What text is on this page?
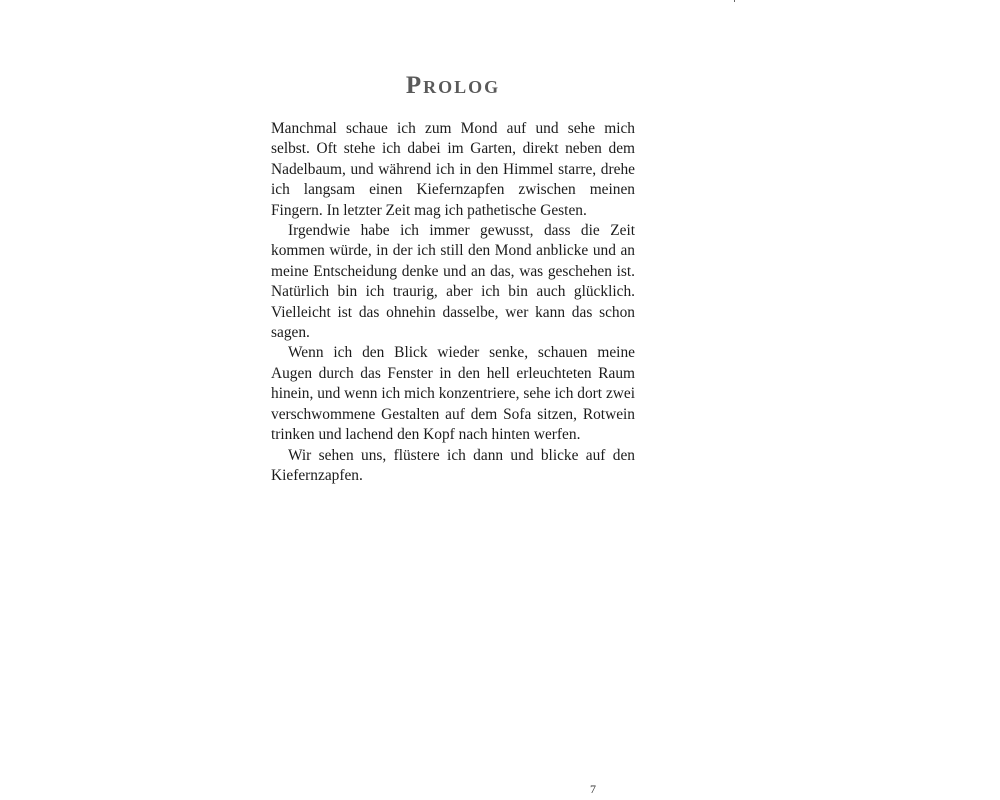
Prolog

Manchmal schaue ich zum Mond auf und sehe mich selbst. Oft stehe ich dabei im Garten, direkt neben dem Nadelbaum, und während ich in den Himmel starre, drehe ich langsam einen Kiefernzapfen zwischen meinen Fingern. In letzter Zeit mag ich pathetische Gesten.

Irgendwie habe ich immer gewusst, dass die Zeit kommen würde, in der ich still den Mond anblicke und an meine Entscheidung denke und an das, was geschehen ist. Natürlich bin ich traurig, aber ich bin auch glücklich. Vielleicht ist das ohnehin dasselbe, wer kann das schon sagen.

Wenn ich den Blick wieder senke, schauen meine Augen durch das Fenster in den hell erleuchteten Raum hinein, und wenn ich mich konzentriere, sehe ich dort zwei verschwommene Gestalten auf dem Sofa sitzen, Rotwein trinken und lachend den Kopf nach hinten werfen.

Wir sehen uns, flüstere ich dann und blicke auf den Kiefernzapfen.

7
